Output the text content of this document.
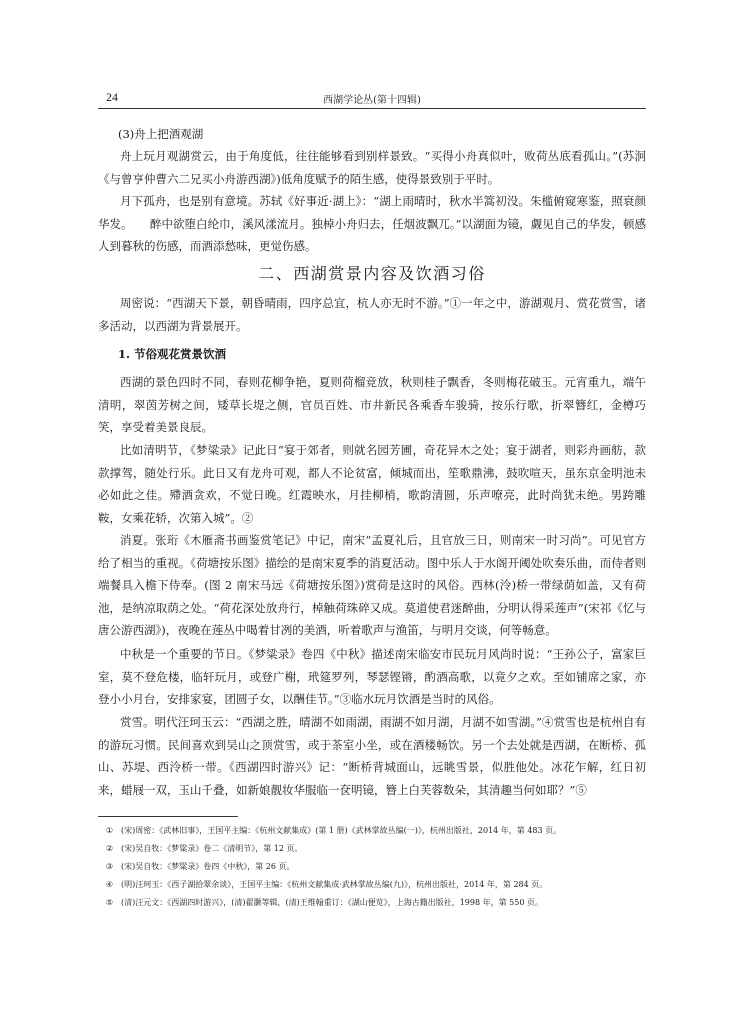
24	西湖学论丛(第十四辑)
(3)舟上把酒观湖

舟上玩月观湖赏云，由于角度低，往往能够看到别样景致。“买得小舟真似叶，败荷丛底看孤山。”(苏泂《与曾亨仲曹六二兄买小舟游西湖》)低角度赋予的陌生感，使得景致别于平时。

月下孤舟，也是别有意境。苏轼《好事近·湖上》：“湖上雨晴时，秋水半篙初没。朱槛俯窥寒鉴，照衰颜华发。　　醉中欲堕白纶巾，溪风漾流月。独棹小舟归去，任烟波飘兀。”以湖面为镜，觑见自己的华发，顿感人到暮秋的伤感，而酒添愁味，更觉伤感。

二、西湖赏景内容及饮酒习俗

周密说：“西湖天下景，朝昏晴雨，四序总宜，杭人亦无时不游。”①一年之中，游湖观月、赏花赏雪，诸多活动，以西湖为背景展开。

1. 节俗观花赏景饮酒

西湖的景色四时不同，春则花柳争艳，夏则荷榴竞放，秋则桂子飘香，冬则梅花破玉。元宵重九，端午清明，翠茵芳树之间，矮草长堤之侧，官员百姓、市井新民各乘香车骏骑，按乐行歌，折翠簪红，金樽巧笑，享受着美景良辰。

比如清明节，《梦粱录》记此日“宴于郊者，则就名园芳圃，奇花异木之处；宴于湖者，则彩舟画舫，款款撑驾，随处行乐。此日又有龙舟可观，都人不论贫富，倾城而出，笙歌鼎沸，鼓吹喧天，虽东京金明池未必如此之佳。殢酒贪欢，不觉日晚。红霞映水，月挂柳梢，歌韵清圆，乐声嘹亮，此时尚犹未绝。男跨雕鞍，女乘花轿，次第入城”。②

消夏。张珩《木雁斋书画鉴赏笔记》中记，南宋“孟夏礼后，且官放三日，则南宋一时习尚”。可见官方给了相当的重视。《荷塘按乐图》描绘的是南宋夏季的消夏活动。图中乐人于水阁开阈处吹奏乐曲，而侍者则端餐具入檐下侍奉。(图 2 南宋马远《荷塘按乐图》)赏荷是这时的风俗。西林(泠)桥一带绿荫如盖，又有荷池，是纳凉取荫之处。“荷花深处放舟行，棹触荷珠碎又成。莫道使君迷醉曲，分明认得采莲声”(宋祁《忆与唐公游西湖》)，夜晚在莲丛中喝着甘冽的美酒，听着歌声与渔笛，与明月交谈，何等畅意。

中秋是一个重要的节日。《梦粱录》卷四《中秋》描述南宋临安市民玩月风尚时说：“王孙公子，富家巨室，莫不登危楼，临轩玩月，或登广榭，玳筵罗列，琴瑟铿锵，酌酒高歌，以竟夕之欢。至如铺席之家，亦登小小月台，安排家宴，团圆子女，以酬佳节。”③临水玩月饮酒是当时的风俗。

赏雪。明代汪珂玉云：“西湖之胜，晴湖不如雨湖，雨湖不如月湖，月湖不如雪湖。”④赏雪也是杭州自有的游玩习惯。民间喜欢到吴山之顶赏雪，或于茶室小坐，或在酒楼畅饮。另一个去处就是西湖，在断桥、孤山、苏堤、西泠桥一带。《西湖四时游兴》记：“断桥背城面山，远眺雪景，似胜他处。冰花乍解，红日初来，蜡屐一双，玉山千叠，如新娘靓妆华服临一奁明镜，簪上白芙蓉数朵，其清趣当何如耶？”⑤

① (宋)周密：《武林旧事》，王国平主编：《杭州文献集成》(第 1 册)《武林掌故丛编(一)》，杭州出版社，2014 年，第 483 页。
② (宋)吴自牧：《梦粱录》卷二《清明节》，第 12 页。
③ (宋)吴自牧：《梦粱录》卷四《中秋》，第 26 页。
④ (明)汪珂玉：《西子湖拾翠余谈》，王国平主编：《杭州文献集成·武林掌故丛编(九)》，杭州出版社，2014 年，第 284 页。
⑤ (清)汪元文：《西湖四时游兴》，(清)翟灏等辑，(清)王维翰重订：《湖山便览》，上海古籍出版社，1998 年，第 550 页。
